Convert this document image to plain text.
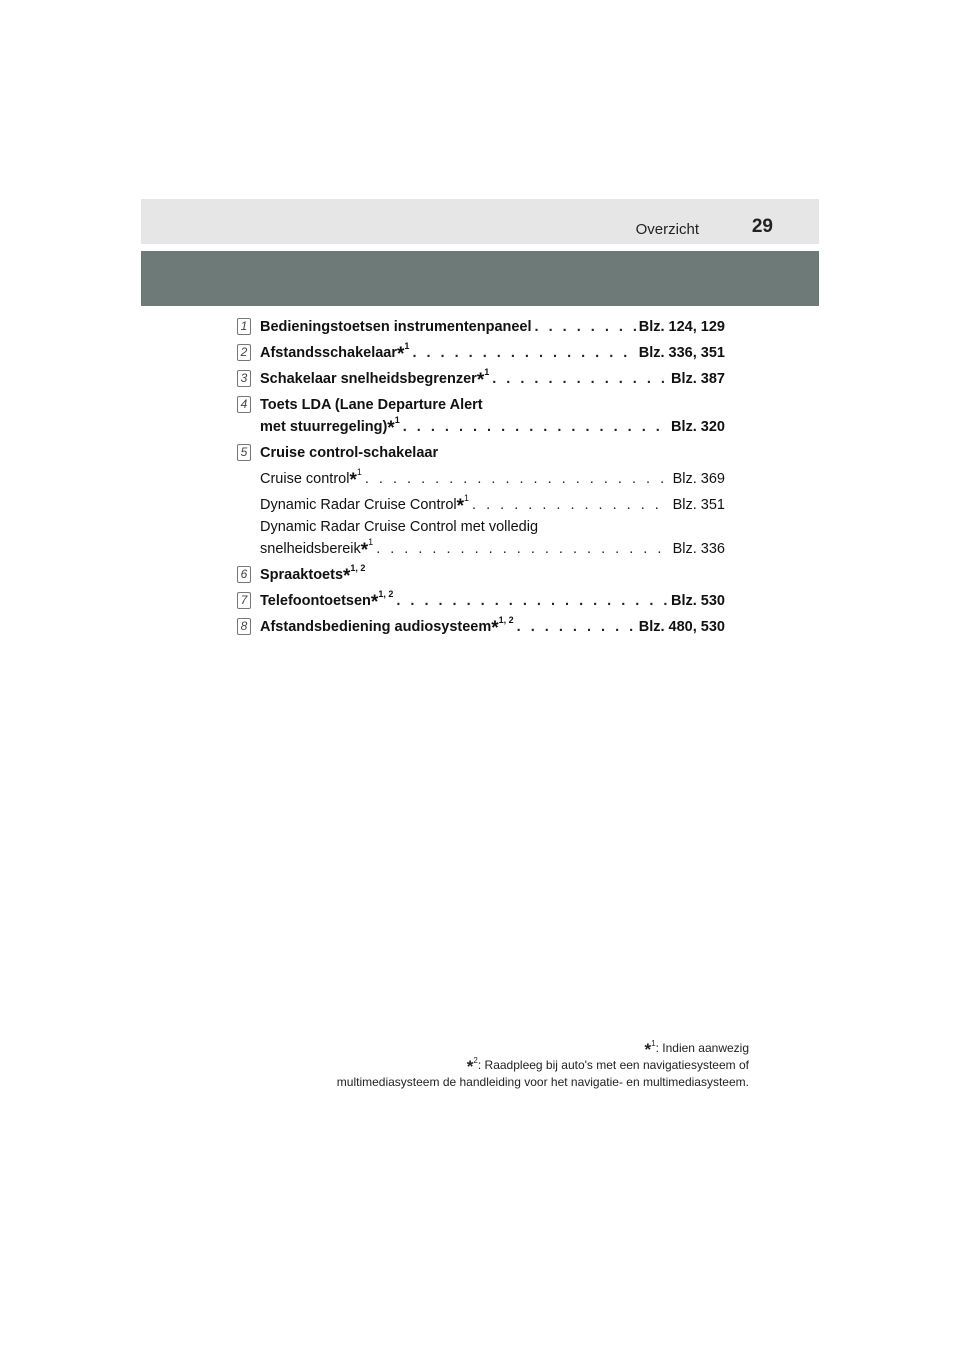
Overzicht	29
1 Bedieningstoetsen instrumentenpaneel . . .	Blz. 124, 129
2 Afstandsschakelaar*$^1$ . . .	Blz. 336, 351
3 Schakelaar snelheidsbegrenzer*$^1$ . . .	Blz. 387
4 Toets LDA (Lane Departure Alert
met stuurregeling)*$^1$ . . .	Blz. 320
5 Cruise control-schakelaar
Cruise control*$^1$ . . .	Blz. 369
Dynamic Radar Cruise Control*$^1$ . . .	Blz. 351
Dynamic Radar Cruise Control met volledig
snelheidsbereik*$^1$ . . .	Blz. 336
6 Spraaktoets*$^{1, 2}$
7 Telefoontoetsen*$^{1, 2}$ . . .	Blz. 530
8 Afstandsbediening audiosysteem*$^{1, 2}$ . . .	Blz. 480, 530
*$^1$: Indien aanwezig
*$^2$: Raadpleeg bij auto's met een navigatiesysteem of
multimediasysteem de handleiding voor het navigatie- en multimediasysteem.
